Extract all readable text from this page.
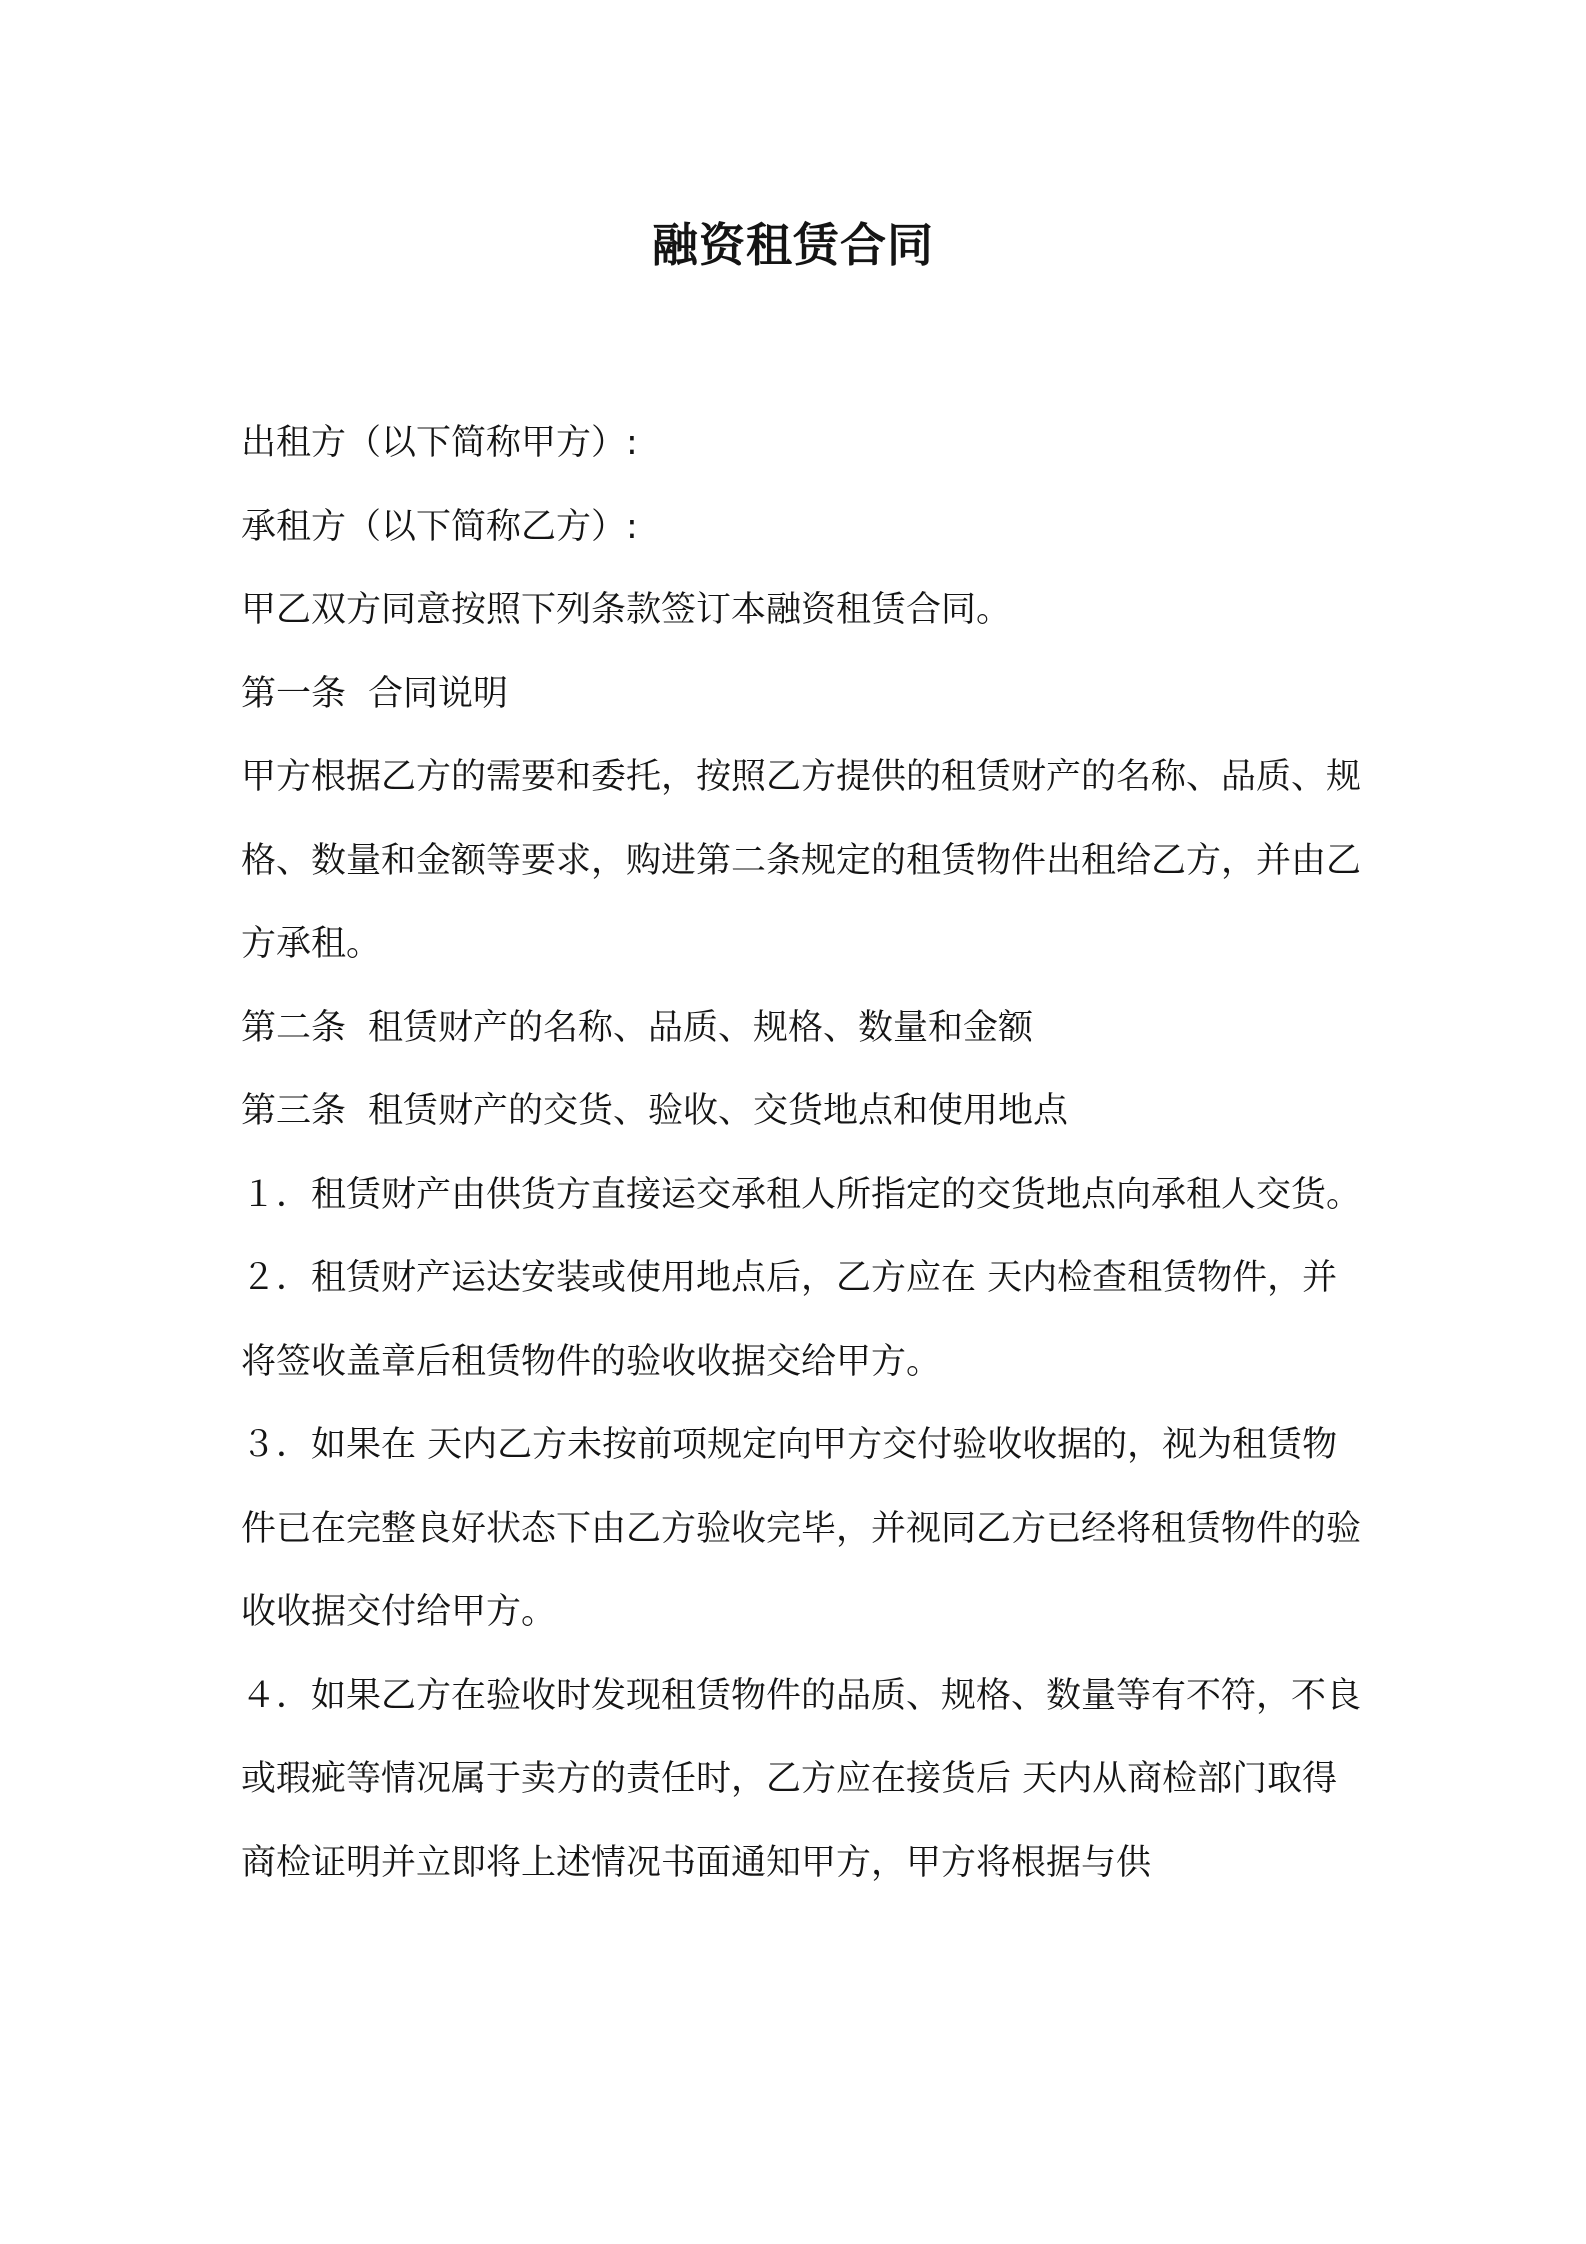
融资租赁合同

出租方（以下简称甲方）:

承租方（以下简称乙方）:

甲乙双方同意按照下列条款签订本融资租赁合同。

第一条 合同说明

甲方根据乙方的需要和委托，按照乙方提供的租赁财产的名称、品质、规格、数量和金额等要求，购进第二条规定的租赁物件出租给乙方，并由乙方承租。

第二条 租赁财产的名称、品质、规格、数量和金额

第三条 租赁财产的交货、验收、交货地点和使用地点

１．租赁财产由供货方直接运交承租人所指定的交货地点向承租人交货。

２．租赁财产运达安装或使用地点后，乙方应在 天内检查租赁物件，并将签收盖章后租赁物件的验收收据交给甲方。

３．如果在 天内乙方未按前项规定向甲方交付验收收据的，视为租赁物件已在完整良好状态下由乙方验收完毕，并视同乙方已经将租赁物件的验收收据交付给甲方。

４．如果乙方在验收时发现租赁物件的品质、规格、数量等有不符，不良或瑕疵等情况属于卖方的责任时，乙方应在接货后 天内从商检部门取得商检证明并立即将上述情况书面通知甲方，甲方将根据与供
